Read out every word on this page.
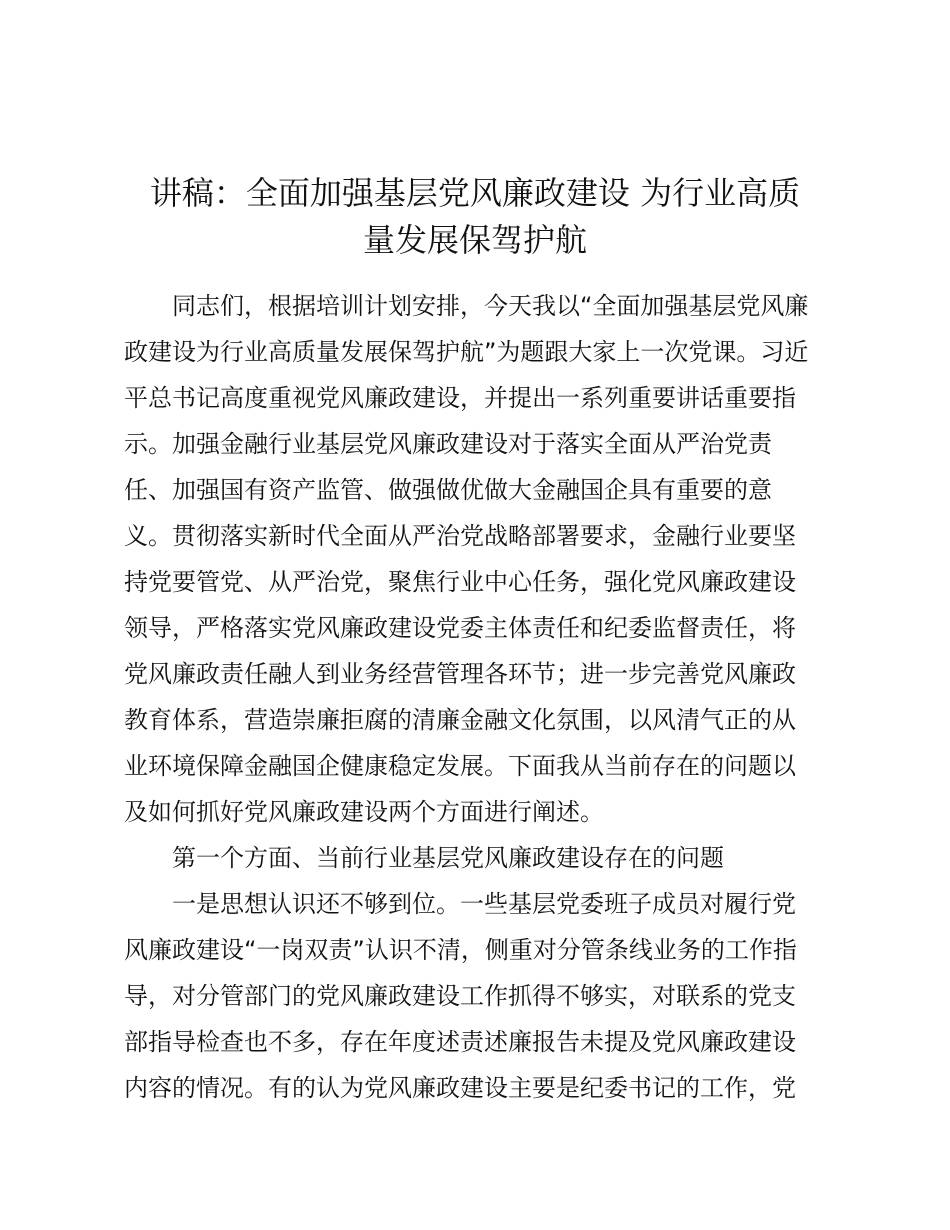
讲稿：全面加强基层党风廉政建设 为行业高质
量发展保驾护航
同志们，根据培训计划安排，今天我以“全面加强基层党风廉
政建设为行业高质量发展保驾护航”为题跟大家上一次党课。习近
平总书记高度重视党风廉政建设，并提出一系列重要讲话重要指
示。加强金融行业基层党风廉政建设对于落实全面从严治党责
任、加强国有资产监管、做强做优做大金融国企具有重要的意
义。贯彻落实新时代全面从严治党战略部署要求，金融行业要坚
持党要管党、从严治党，聚焦行业中心任务，强化党风廉政建设
领导，严格落实党风廉政建设党委主体责任和纪委监督责任，将
党风廉政责任融人到业务经营管理各环节；进一步完善党风廉政
教育体系，营造崇廉拒腐的清廉金融文化氛围，以风清气正的从
业环境保障金融国企健康稳定发展。下面我从当前存在的问题以
及如何抓好党风廉政建设两个方面进行阐述。
第一个方面、当前行业基层党风廉政建设存在的问题
一是思想认识还不够到位。一些基层党委班子成员对履行党
风廉政建设“一岗双责”认识不清，侧重对分管条线业务的工作指
导，对分管部门的党风廉政建设工作抓得不够实，对联系的党支
部指导检查也不多，存在年度述责述廉报告未提及党风廉政建设
内容的情况。有的认为党风廉政建设主要是纪委书记的工作，党
